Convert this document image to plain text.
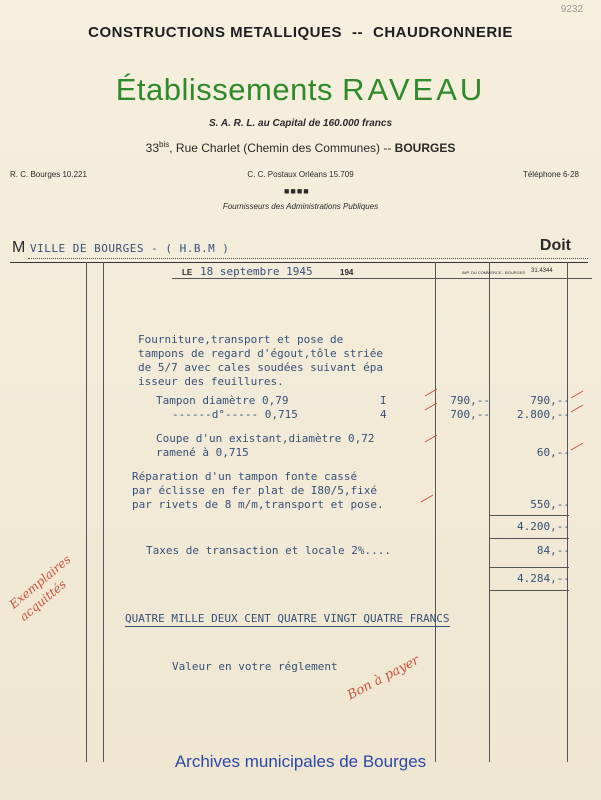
9232
CONSTRUCTIONS METALLIQUES -- CHAUDRONNERIE
Établissements RAVEAU
S. A. R. L. au Capital de 160.000 francs
$33^{bis}$, Rue Charlet (Chemin des Communes) -- BOURGES
R. C. Bourges 10.221	C. C. Postaux Orléans 15.709	Téléphone 6-28
■■■■
Fournisseurs des Administrations Publiques
M VILLE DE BOURGES - ( H.B.M )	Doit
LE 18 septembre 1945	194	IMP. DU COMMERCE - BOURGES 31.4344
Fourniture,transport et pose de
tampons de regard d'égout,tôle striée
de 5/7 avec cales soudées suivant épa
isseur des feuillures.
Tampon diamètre 0,79	I	790,--	790,--
------d°----- 0,715	4	700,--	2.800,--
Coupe d'un existant,diamètre 0,72
ramené à 0,715	60,--
Réparation d'un tampon fonte cassé
par éclisse en fer plat de I80/5,fixé
par rivets de 8 m/m,transport et pose.	550,--
4.200,--
Taxes de transaction et locale 2%....	84,--
4.284,--
QUATRE MILLE DEUX CENT QUATRE VINGT QUATRE FRANCS
Valeur en votre réglement
Exemplaires acquittés
Bon à payer
Archives municipales de Bourges
